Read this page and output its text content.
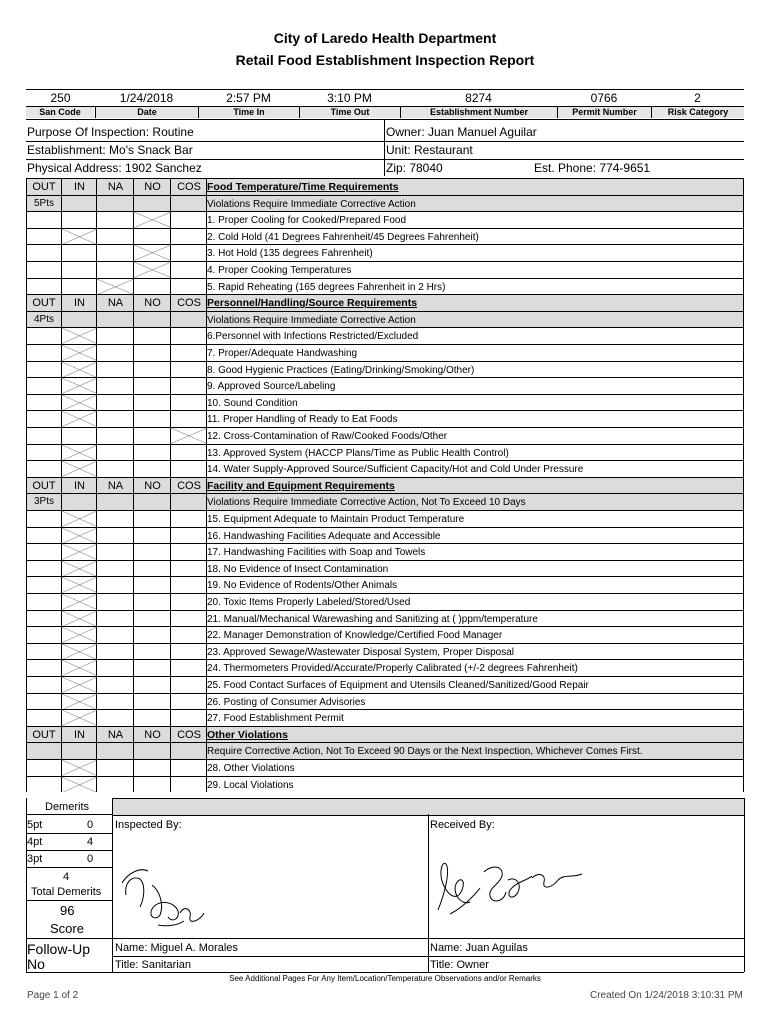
City of Laredo Health Department
Retail Food Establishment Inspection Report
250
San Code
1/24/2018
Date
2:57 PM
Time In
3:10 PM
Time Out
8274
Establishment Number
0766
Permit Number
2
Risk Category
Purpose Of Inspection: Routine	Owner: Juan Manuel Aguilar
Establishment: Mo's Snack Bar	Unit: Restaurant
Physical Address: 1902 Sanchez	Zip: 78040	Est. Phone: 774-9651
OUT	IN	NA	NO	COS Food Temperature/Time Requirements
5Pts	Violations Require Immediate Corrective Action
1. Proper Cooling for Cooked/Prepared Food
2. Cold Hold (41 Degrees Fahrenheit/45 Degrees Fahrenheit)
3. Hot Hold (135 degrees Fahrenheit)
4. Proper Cooking Temperatures
5. Rapid Reheating (165 degrees Fahrenheit in 2 Hrs)
OUT	IN	NA	NO	COS Personnel/Handling/Source Requirements
4Pts	Violations Require Immediate Corrective Action
6.Personnel with Infections Restricted/Excluded
7. Proper/Adequate Handwashing
8. Good Hygienic Practices (Eating/Drinking/Smoking/Other)
9. Approved Source/Labeling
10. Sound Condition
11. Proper Handling of Ready to Eat Foods
12. Cross-Contamination of Raw/Cooked Foods/Other
13. Approved System (HACCP Plans/Time as Public Health Control)
14. Water Supply-Approved Source/Sufficient Capacity/Hot and Cold Under Pressure
OUT	IN	NA	NO	COS Facility and Equipment Requirements
3Pts	Violations Require Immediate Corrective Action, Not To Exceed 10 Days
15. Equipment Adequate to Maintain Product Temperature
16. Handwashing Facilities Adequate and Accessible
17. Handwashing Facilities with Soap and Towels
18. No Evidence of Insect Contamination
19. No Evidence of Rodents/Other Animals
20. Toxic Items Properly Labeled/Stored/Used
21. Manual/Mechanical Warewashing and Sanitizing at ( )ppm/temperature
22. Manager Demonstration of Knowledge/Certified Food Manager
23. Approved Sewage/Wastewater Disposal System, Proper Disposal
24. Thermometers Provided/Accurate/Properly Calibrated (+/-2 degrees Fahrenheit)
25. Food Contact Surfaces of Equipment and Utensils Cleaned/Sanitized/Good Repair
26. Posting of Consumer Advisories
27. Food Establishment Permit
OUT	IN	NA	NO	COS Other Violations
Require Corrective Action, Not To Exceed 90 Days or the Next Inspection, Whichever Comes First.
28. Other Violations
29. Local Violations
Demerits
5pt	0
4pt	4
3pt	0
4
Total Demerits
96
Score
Follow-Up
No
Inspected By:	Received By:
Name: Miguel A. Morales	Name: Juan Aguilas
Title: Sanitarian	Title: Owner
See Additional Pages For Any Item/Location/Temperature Observations and/or Remarks
Page 1 of 2	Created On 1/24/2018 3:10:31 PM
